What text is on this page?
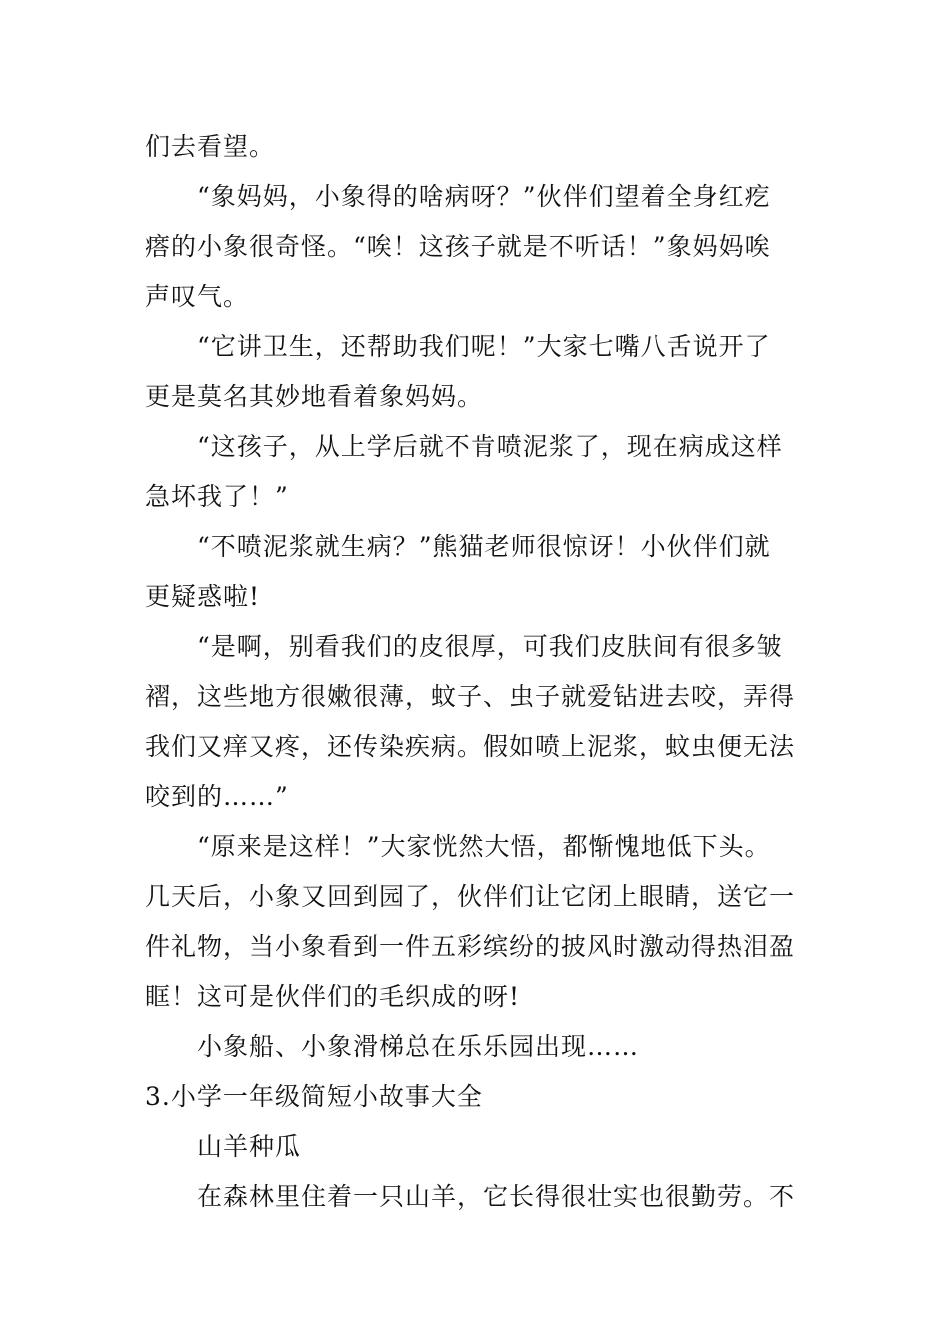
们去看望。
“象妈妈，小象得的啥病呀？”伙伴们望着全身红疙
瘩的小象很奇怪。“唉！这孩子就是不听话！”象妈妈唉
声叹气。
“它讲卫生，还帮助我们呢！”大家七嘴八舌说开了
更是莫名其妙地看着象妈妈。
“这孩子，从上学后就不肯喷泥浆了，现在病成这样
急坏我了！”
“不喷泥浆就生病？”熊猫老师很惊讶！小伙伴们就
更疑惑啦!
“是啊，别看我们的皮很厚，可我们皮肤间有很多皱
褶，这些地方很嫩很薄，蚊子、虫子就爱钻进去咬，弄得
我们又痒又疼，还传染疾病。假如喷上泥浆，蚊虫便无法
咬到的……”
“原来是这样！”大家恍然大悟，都惭愧地低下头。
几天后，小象又回到园了，伙伴们让它闭上眼睛，送它一
件礼物，当小象看到一件五彩缤纷的披风时激动得热泪盈
眶！这可是伙伴们的毛织成的呀!
小象船、小象滑梯总在乐乐园出现……
3.小学一年级简短小故事大全
山羊种瓜
在森林里住着一只山羊，它长得很壮实也很勤劳。不
